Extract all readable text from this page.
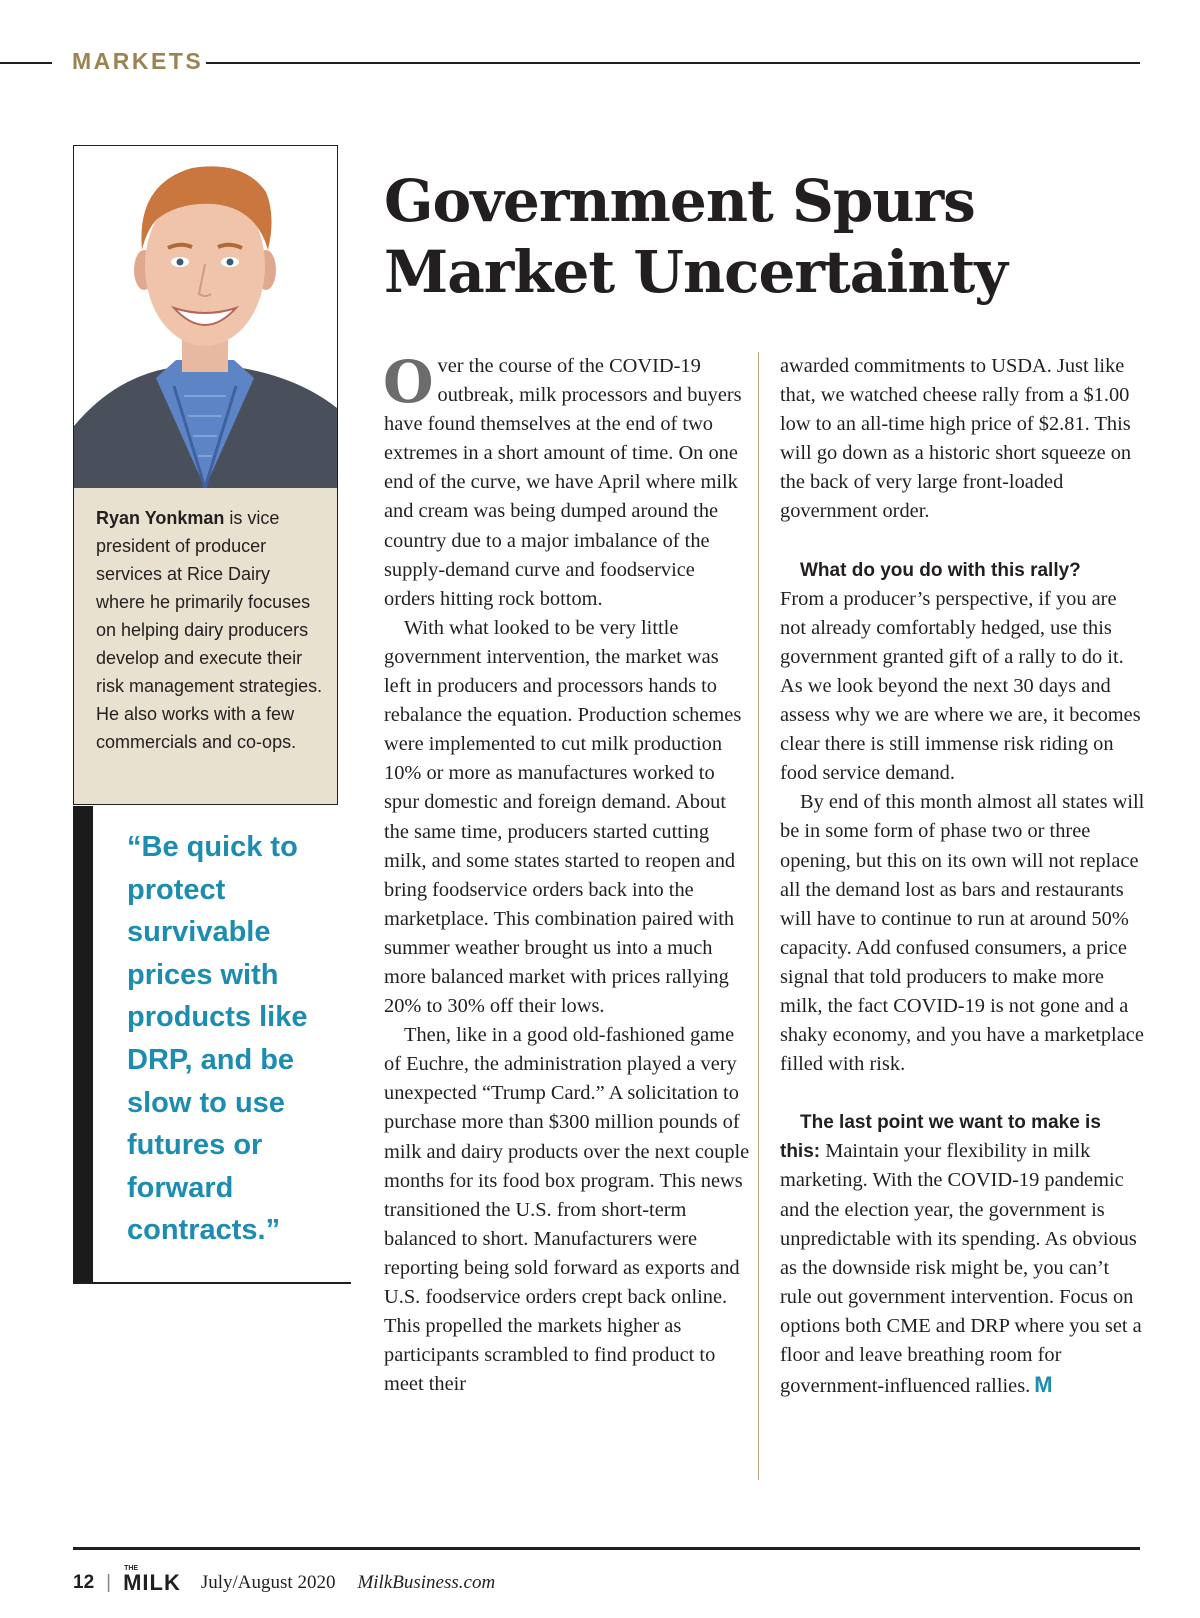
MARKETS
Ryan Yonkman is vice president of producer services at Rice Dairy where he primarily focuses on helping dairy producers develop and execute their risk management strategies. He also works with a few commercials and co-ops.
“Be quick to protect survivable prices with products like DRP, and be slow to use futures or forward contracts.”
Government Spurs
Market Uncertainty

Over the course of the COVID-19 outbreak, milk processors and buyers have found themselves at the end of two extremes in a short amount of time. On one end of the curve, we have April where milk and cream was being dumped around the country due to a major imbalance of the supply-demand curve and foodservice orders hitting rock bottom.

With what looked to be very little government intervention, the market was left in producers and processors hands to rebalance the equation. Production schemes were implemented to cut milk production 10% or more as manufactures worked to spur domestic and foreign demand. About the same time, producers started cutting milk, and some states started to reopen and bring foodservice orders back into the marketplace. This combination paired with summer weather brought us into a much more balanced market with prices rallying 20% to 30% off their lows.

Then, like in a good old-fashioned game of Euchre, the administration played a very unexpected “Trump Card.” A solicitation to purchase more than $300 million pounds of milk and dairy products over the next couple months for its food box program. This news transitioned the U.S. from short-term balanced to short. Manufacturers were reporting being sold forward as exports and U.S. foodservice orders crept back online. This propelled the markets higher as participants scrambled to find product to meet their

awarded commitments to USDA. Just like that, we watched cheese rally from a $1.00 low to an all-time high price of $2.81. This will go down as a historic short squeeze on the back of very large front-loaded government order.

What do you do with this rally?

From a producer’s perspective, if you are not already comfortably hedged, use this government granted gift of a rally to do it. As we look beyond the next 30 days and assess why we are where we are, it becomes clear there is still immense risk riding on food service demand.

By end of this month almost all states will be in some form of phase two or three opening, but this on its own will not replace all the demand lost as bars and restaurants will have to continue to run at around 50% capacity. Add confused consumers, a price signal that told producers to make more milk, the fact COVID-19 is not gone and a shaky economy, and you have a marketplace filled with risk.

The last point we want to make is this: Maintain your flexibility in milk marketing. With the COVID-19 pandemic and the election year, the government is unpredictable with its spending. As obvious as the downside risk might be, you can’t rule out government intervention. Focus on options both CME and DRP where you set a floor and leave breathing room for government-influenced rallies. M

12 |
THE
MILK July/August 2020 MilkBusiness.com
